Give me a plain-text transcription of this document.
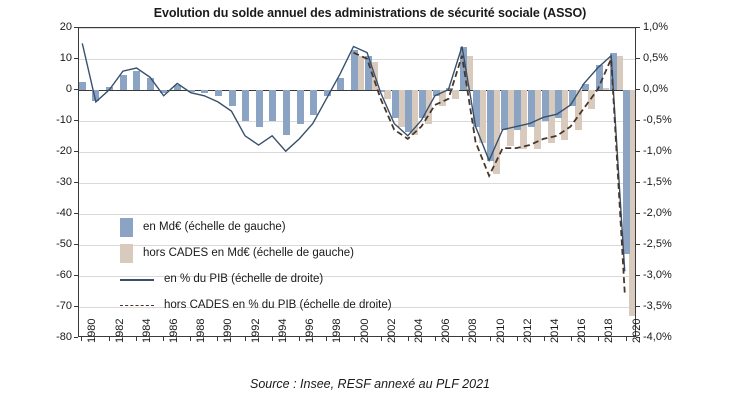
Evolution du solde annuel des administrations de sécurité sociale (ASSO)
20	1,0%
10	0,5%
0	0,0%
-10	-0,5%
-20	-1,0%
-30	-1,5%
-40	-2,0%
-50	-2,5%
-60	-3,0%
-70	-3,5%
-80	-4,0%
1980 1982 1984 1986 1988 1990 1992 1994 1996 1998 2000 2002 2004 2006 2008 2010 2012 2014 2016 2018 2020
en Md€ (échelle de gauche)
hors CADES en Md€ (échelle de gauche)
en % du PIB (échelle de droite)
hors CADES en % du PIB (échelle de droite)
Source : Insee, RESF annexé au PLF 2021
